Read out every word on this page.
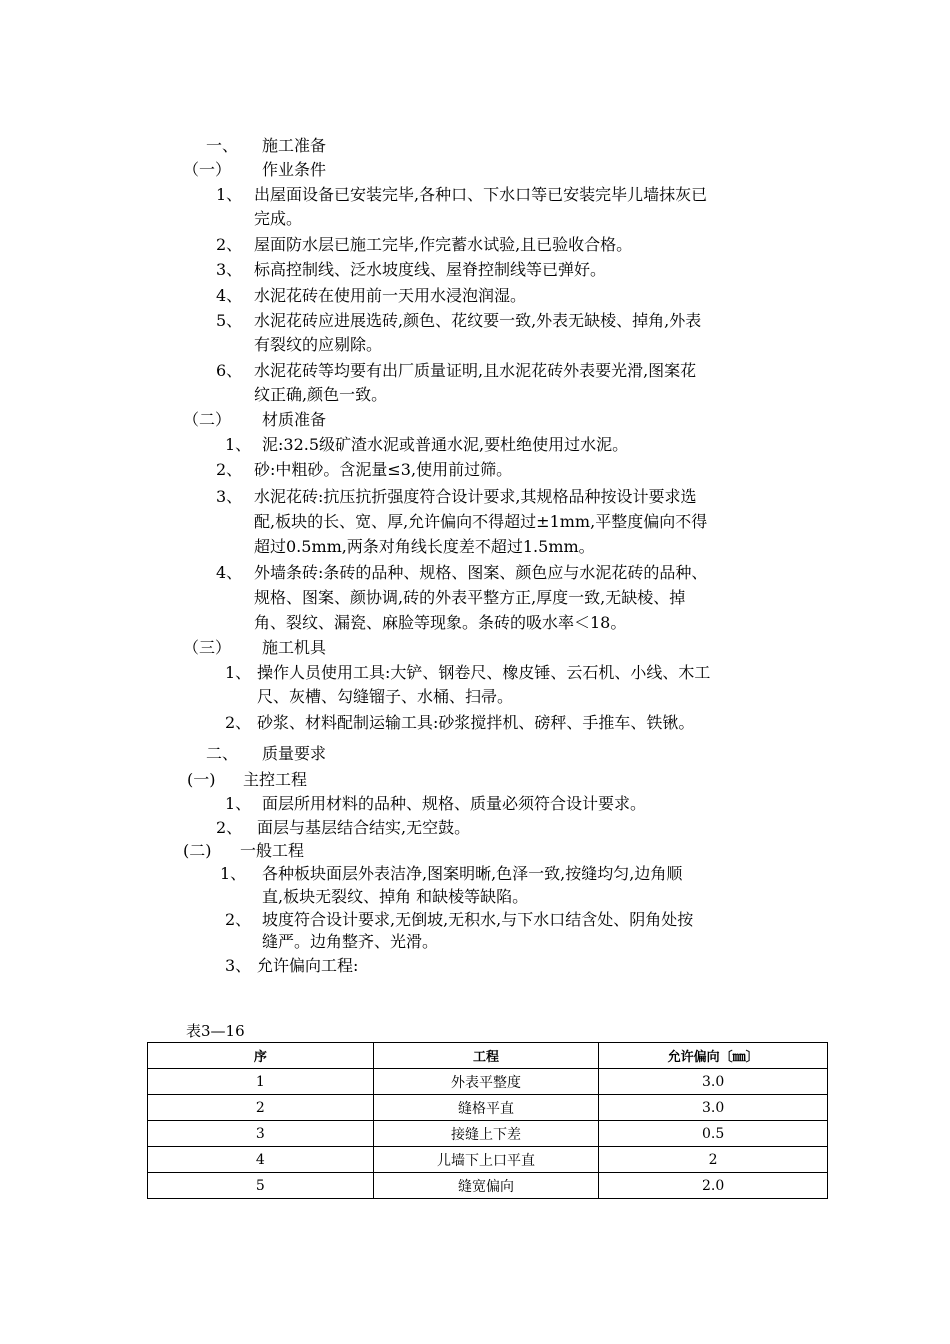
一、 施工准备
（一） 作业条件
1、 出屋面设备已安装完毕,各种口、下水口等已安装完毕儿墙抹灰已
完成。
2、 屋面防水层已施工完毕,作完蓄水试验,且已验收合格。
3、 标高控制线、泛水坡度线、屋脊控制线等已弹好。
4、 水泥花砖在使用前一天用水浸泡润湿。
5、 水泥花砖应进展选砖,颜色、花纹要一致,外表无缺棱、掉角,外表
有裂纹的应剔除。
6、 水泥花砖等均要有出厂质量证明,且水泥花砖外表要光滑,图案花
纹正确,颜色一致。
（二） 材质准备
1、 泥:32.5级矿渣水泥或普通水泥,要杜绝使用过水泥。
2、 砂:中粗砂。含泥量≤3,使用前过筛。
3、 水泥花砖:抗压抗折强度符合设计要求,其规格品种按设计要求选
配,板块的长、宽、厚,允许偏向不得超过±1mm,平整度偏向不得
超过0.5mm,两条对角线长度差不超过1.5mm。
4、 外墙条砖:条砖的品种、规格、图案、颜色应与水泥花砖的品种、
规格、图案、颜协调,砖的外表平整方正,厚度一致,无缺棱、掉
角、裂纹、漏瓷、麻脸等现象。条砖的吸水率＜18。
（三） 施工机具
1、 操作人员使用工具:大铲、钢卷尺、橡皮锤、云石机、小线、木工
尺、灰槽、勾缝镏子、水桶、扫帚。
2、 砂浆、材料配制运输工具:砂浆搅拌机、磅秤、手推车、铁锹。
二、 质量要求
(一) 主控工程
1、 面层所用材料的品种、规格、质量必须符合设计要求。
2、 面层与基层结合结实,无空鼓。
(二) 一般工程
1、 各种板块面层外表洁净,图案明晰,色泽一致,按缝均匀,边角顺
直,板块无裂纹、掉角 和缺棱等缺陷。
2、 坡度符合设计要求,无倒坡,无积水,与下水口结含处、阴角处按
缝严。边角整齐、光滑。
3、 允许偏向工程:
表3—16
序	工程	允许偏向〔㎜〕
1	外表平整度	3.0
2	缝格平直	3.0
3	接缝上下差	0.5
4	儿墙下上口平直	2
5	缝宽偏向	2.0
